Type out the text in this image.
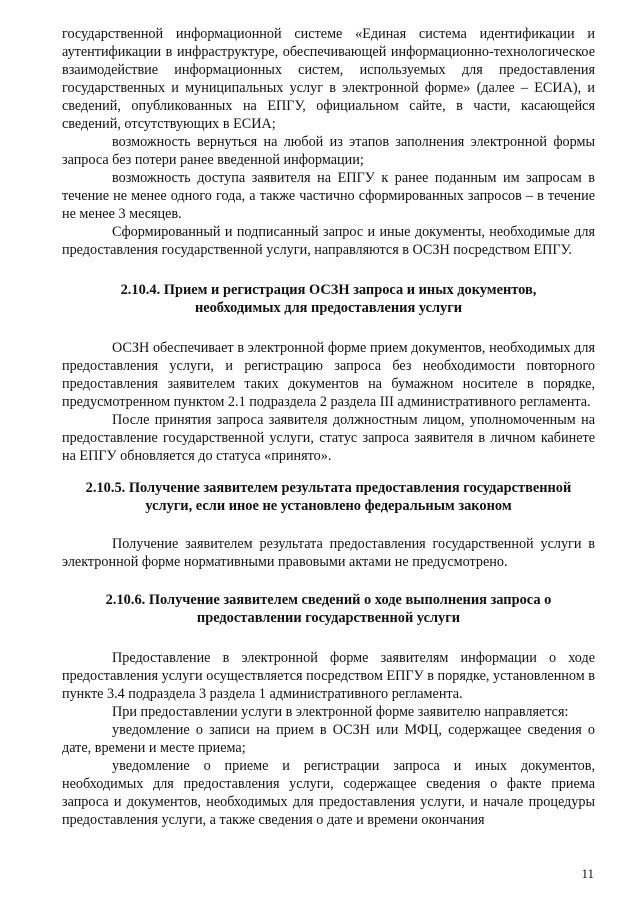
государственной информационной системе «Единая система идентификации и аутентификации в инфраструктуре, обеспечивающей информационно-технологическое взаимодействие информационных систем, используемых для предоставления государственных и муниципальных услуг в электронной форме» (далее – ЕСИА), и сведений, опубликованных на ЕПГУ, официальном сайте, в части, касающейся сведений, отсутствующих в ЕСИА;

возможность вернуться на любой из этапов заполнения электронной формы запроса без потери ранее введенной информации;

возможность доступа заявителя на ЕПГУ к ранее поданным им запросам в течение не менее одного года, а также частично сформированных запросов – в течение не менее 3 месяцев.

Сформированный и подписанный запрос и иные документы, необходимые для предоставления государственной услуги, направляются в ОСЗН посредством ЕПГУ.

2.10.4. Прием и регистрация ОСЗН запроса и иных документов,
необходимых для предоставления услуги

ОСЗН обеспечивает в электронной форме прием документов, необходимых для предоставления услуги, и регистрацию запроса без необходимости повторного предоставления заявителем таких документов на бумажном носителе в порядке, предусмотренном пунктом 2.1 подраздела 2 раздела III административного регламента.

После принятия запроса заявителя должностным лицом, уполномоченным на предоставление государственной услуги, статус запроса заявителя в личном кабинете на ЕПГУ обновляется до статуса «принято».

2.10.5. Получение заявителем результата предоставления государственной
услуги, если иное не установлено федеральным законом

Получение заявителем результата предоставления государственной услуги в электронной форме нормативными правовыми актами не предусмотрено.

2.10.6. Получение заявителем сведений о ходе выполнения запроса о
предоставлении государственной услуги

Предоставление в электронной форме заявителям информации о ходе предоставления услуги осуществляется посредством ЕПГУ в порядке, установленном в пункте 3.4 подраздела 3 раздела 1 административного регламента.

При предоставлении услуги в электронной форме заявителю направляется:

уведомление о записи на прием в ОСЗН или МФЦ, содержащее сведения о дате, времени и месте приема;

уведомление о приеме и регистрации запроса и иных документов, необходимых для предоставления услуги, содержащее сведения о факте приема запроса и документов, необходимых для предоставления услуги, и начале процедуры предоставления услуги, а также сведения о дате и времени окончания

11
